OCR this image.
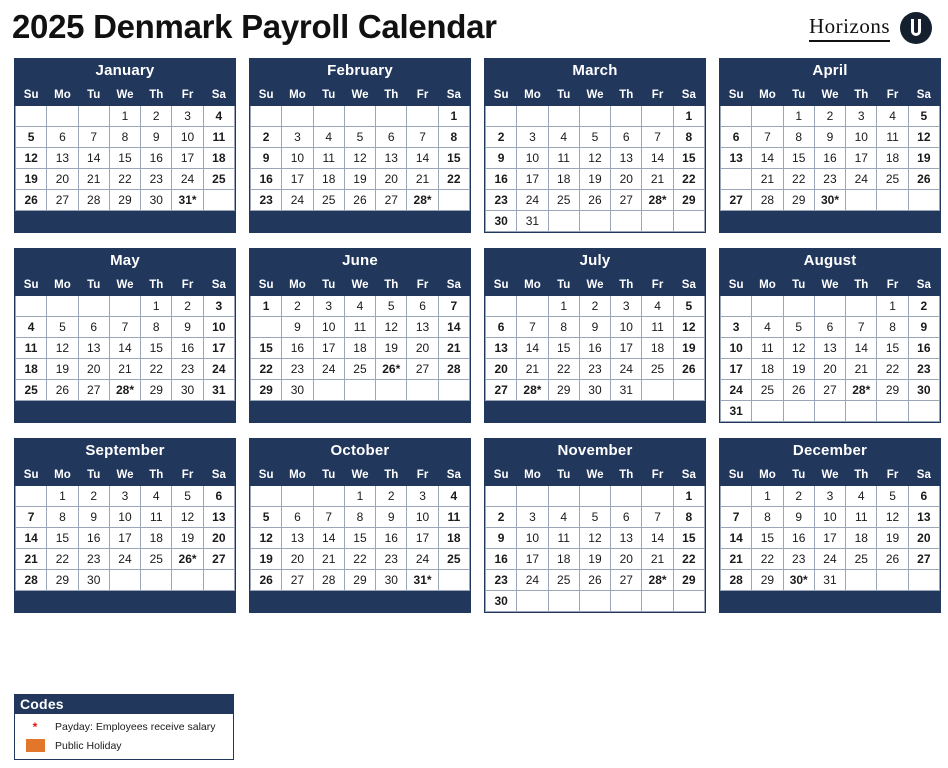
2025 Denmark Payroll Calendar	Horizons
January
Su	Mo	Tu	We	Th	Fr	Sa
			1	2	3	4
5	6	7	8	9	10	11
12	13	14	15	16	17	18
19	20	21	22	23	24	25
26	27	28	29	30	31*	
February
Su	Mo	Tu	We	Th	Fr	Sa
						1
2	3	4	5	6	7	8
9	10	11	12	13	14	15
16	17	18	19	20	21	22
23	24	25	26	27	28*	
March
Su	Mo	Tu	We	Th	Fr	Sa
						1
2	3	4	5	6	7	8
9	10	11	12	13	14	15
16	17	18	19	20	21	22
23	24	25	26	27	28*	29
30	31					
April
Su	Mo	Tu	We	Th	Fr	Sa
		1	2	3	4	5
6	7	8	9	10	11	12
13	14	15	16	17	18	19
20	21	22	23	24	25	26
27	28	29	30*			
May
Su	Mo	Tu	We	Th	Fr	Sa
				1	2	3
4	5	6	7	8	9	10
11	12	13	14	15	16	17
18	19	20	21	22	23	24
25	26	27	28*	29	30	31
June
Su	Mo	Tu	We	Th	Fr	Sa
1	2	3	4	5	6	7
8	9	10	11	12	13	14
15	16	17	18	19	20	21
22	23	24	25	26*	27	28
29	30					
July
Su	Mo	Tu	We	Th	Fr	Sa
		1	2	3	4	5
6	7	8	9	10	11	12
13	14	15	16	17	18	19
20	21	22	23	24	25	26
27	28*	29	30	31		
August
Su	Mo	Tu	We	Th	Fr	Sa
					1	2
3	4	5	6	7	8	9
10	11	12	13	14	15	16
17	18	19	20	21	22	23
24	25	26	27	28*	29	30
31						
September
Su	Mo	Tu	We	Th	Fr	Sa
	1	2	3	4	5	6
7	8	9	10	11	12	13
14	15	16	17	18	19	20
21	22	23	24	25	26*	27
28	29	30				
October
Su	Mo	Tu	We	Th	Fr	Sa
			1	2	3	4
5	6	7	8	9	10	11
12	13	14	15	16	17	18
19	20	21	22	23	24	25
26	27	28	29	30	31*	
November
Su	Mo	Tu	We	Th	Fr	Sa
						1
2	3	4	5	6	7	8
9	10	11	12	13	14	15
16	17	18	19	20	21	22
23	24	25	26	27	28*	29
30						
December
Su	Mo	Tu	We	Th	Fr	Sa
	1	2	3	4	5	6
7	8	9	10	11	12	13
14	15	16	17	18	19	20
21	22	23	24	25	26	27
28	29	30*	31			
Codes
*	Payday: Employees receive salary
Public Holiday
